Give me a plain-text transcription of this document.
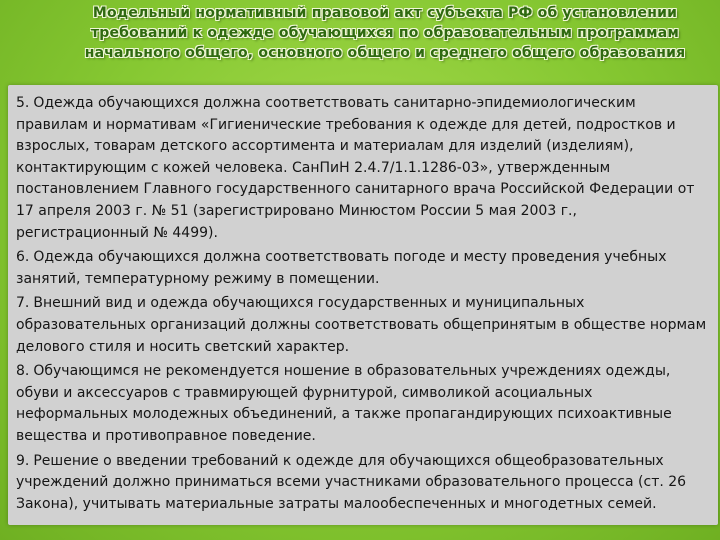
Модельный нормативный правовой акт субъекта РФ об установлении
требований к одежде обучающихся по образовательным программам
начального общего, основного общего и среднего общего образования
5. Одежда обучающихся должна соответствовать санитарно-эпидемиологическим правилам и нормативам «Гигиенические требования к одежде для детей, подростков и взрослых, товарам детского ассортимента и материалам для изделий (изделиям), контактирующим с кожей человека. СанПиН 2.4.7/1.1.1286-03», утвержденным постановлением Главного государственного санитарного врача Российской Федерации от 17 апреля 2003 г. № 51 (зарегистрировано Минюстом России 5 мая 2003 г., регистрационный № 4499).
6. Одежда обучающихся должна соответствовать погоде и месту проведения учебных занятий, температурному режиму в помещении.
7. Внешний вид и одежда обучающихся государственных и муниципальных образовательных организаций должны соответствовать общепринятым в обществе нормам делового стиля и носить светский характер.
8. Обучающимся не рекомендуется ношение в образовательных учреждениях одежды, обуви и аксессуаров с травмирующей фурнитурой, символикой асоциальных неформальных молодежных объединений, а также пропагандирующих психоактивные вещества и противоправное поведение.
9. Решение о введении требований к одежде для обучающихся общеобразовательных учреждений должно приниматься всеми участниками образовательного процесса (ст. 26 Закона), учитывать материальные затраты малообеспеченных и многодетных семей.
